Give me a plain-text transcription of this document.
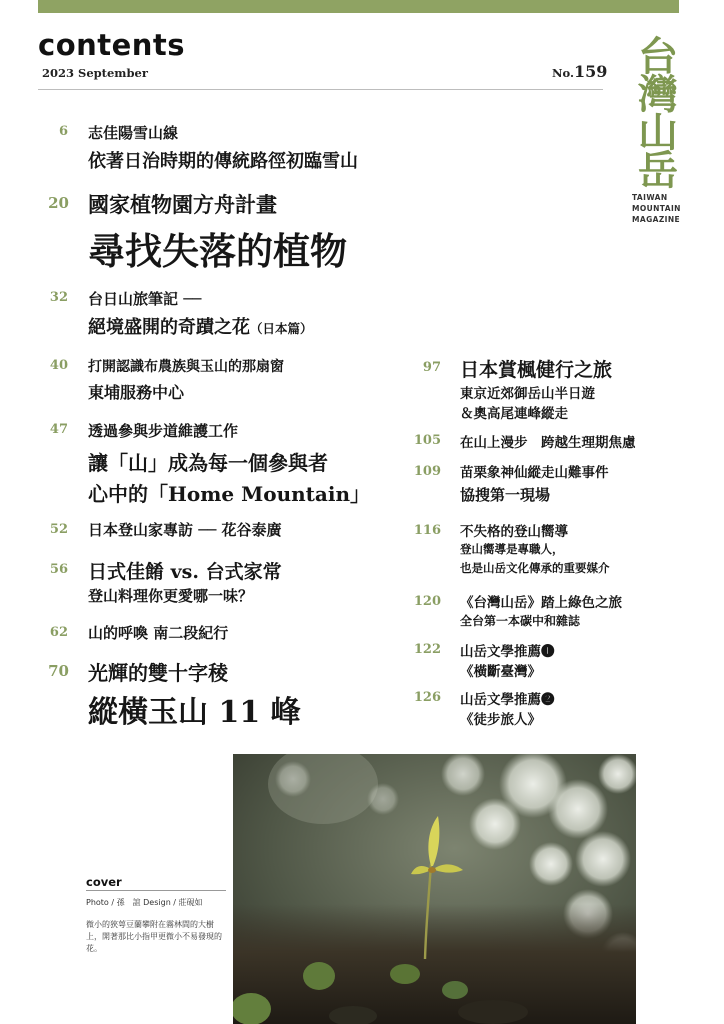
contents
2023 September	No.159 台
灣
山
岳
TAIWAN
MOUNTAIN
MAGAZINE
6 志佳陽雪山線
依著日治時期的傳統路徑初臨雪山
20 國家植物園方舟計畫
尋找失落的植物
32 台日山旅筆記 ──
絕境盛開的奇蹟之花（日本篇）
40 打開認識布農族與玉山的那扇窗
東埔服務中心
47 透過參與步道維護工作
讓「山」成為每一個參與者
心中的「Home Mountain」
52 日本登山家專訪 ── 花谷泰廣
56 日式佳餚 vs. 台式家常
登山料理你更愛哪一味？
62 山的呼喚 南二段紀行
70 光輝的雙十字稜
縱橫玉山 11 峰
97 日本賞楓健行之旅
東京近郊御岳山半日遊
＆奧高尾連峰縱走
105 在山上漫步　跨越生理期焦慮
109 苗栗象神仙縱走山難事件
協搜第一現場
116 不失格的登山嚮導
登山嚮導是專職人，
也是山岳文化傳承的重要媒介
120 《台灣山岳》踏上綠色之旅
全台第一本碳中和雜誌
122 山岳文學推薦❶
《橫斷臺灣》
126 山岳文學推薦❷
《徒步旅人》
cover
Photo / 孫　誼 Design / 莊硯如
微小的狹萼豆蘭攀附在霧林間的大樹上，開著那比小指甲更微小不易發現的花。
